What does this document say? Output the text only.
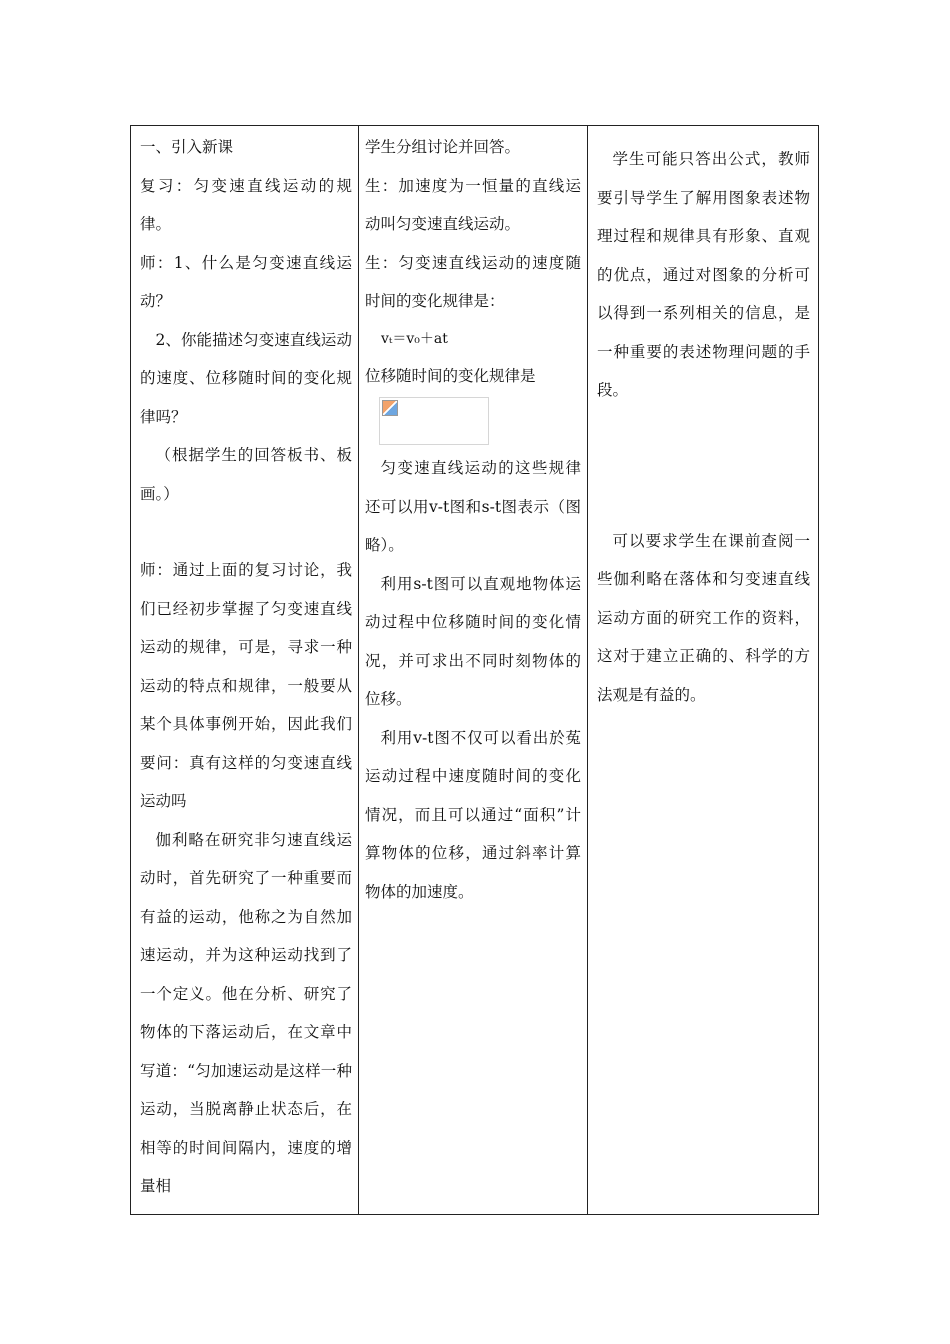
一、引入新课

复习：匀变速直线运动的规律。

师：1、什么是匀变速直线运动？

2、你能描述匀变速直线运动的速度、位移随时间的变化规律吗？

（根据学生的回答板书、板画。）

师：通过上面的复习讨论，我们已经初步掌握了匀变速直线运动的规律，可是，寻求一种运动的特点和规律，一般要从某个具体事例开始，因此我们要问：真有这样的匀变速直线运动吗

伽利略在研究非匀速直线运动时，首先研究了一种重要而有益的运动，他称之为自然加速运动，并为这种运动找到了一个定义。他在分析、研究了物体的下落运动后，在文章中写道：“匀加速运动是这样一种运动，当脱离静止状态后，在相等的时间间隔内，速度的增量相

学生分组讨论并回答。

生：加速度为一恒量的直线运动叫匀变速直线运动。

生：匀变速直线运动的速度随时间的变化规律是：

vₜ＝v₀＋at

位移随时间的变化规律是

匀变速直线运动的这些规律还可以用v-t图和s-t图表示（图略）。

利用s-t图可以直观地物体运动过程中位移随时间的变化情况，并可求出不同时刻物体的位移。

利用v-t图不仅可以看出於菟运动过程中速度随时间的变化情况，而且可以通过“面积”计算物体的位移，通过斜率计算物体的加速度。

学生可能只答出公式，教师要引导学生了解用图象表述物理过程和规律具有形象、直观的优点，通过对图象的分析可以得到一系列相关的信息，是一种重要的表述物理问题的手段。

可以要求学生在课前查阅一些伽利略在落体和匀变速直线运动方面的研究工作的资料，这对于建立正确的、科学的方法观是有益的。
